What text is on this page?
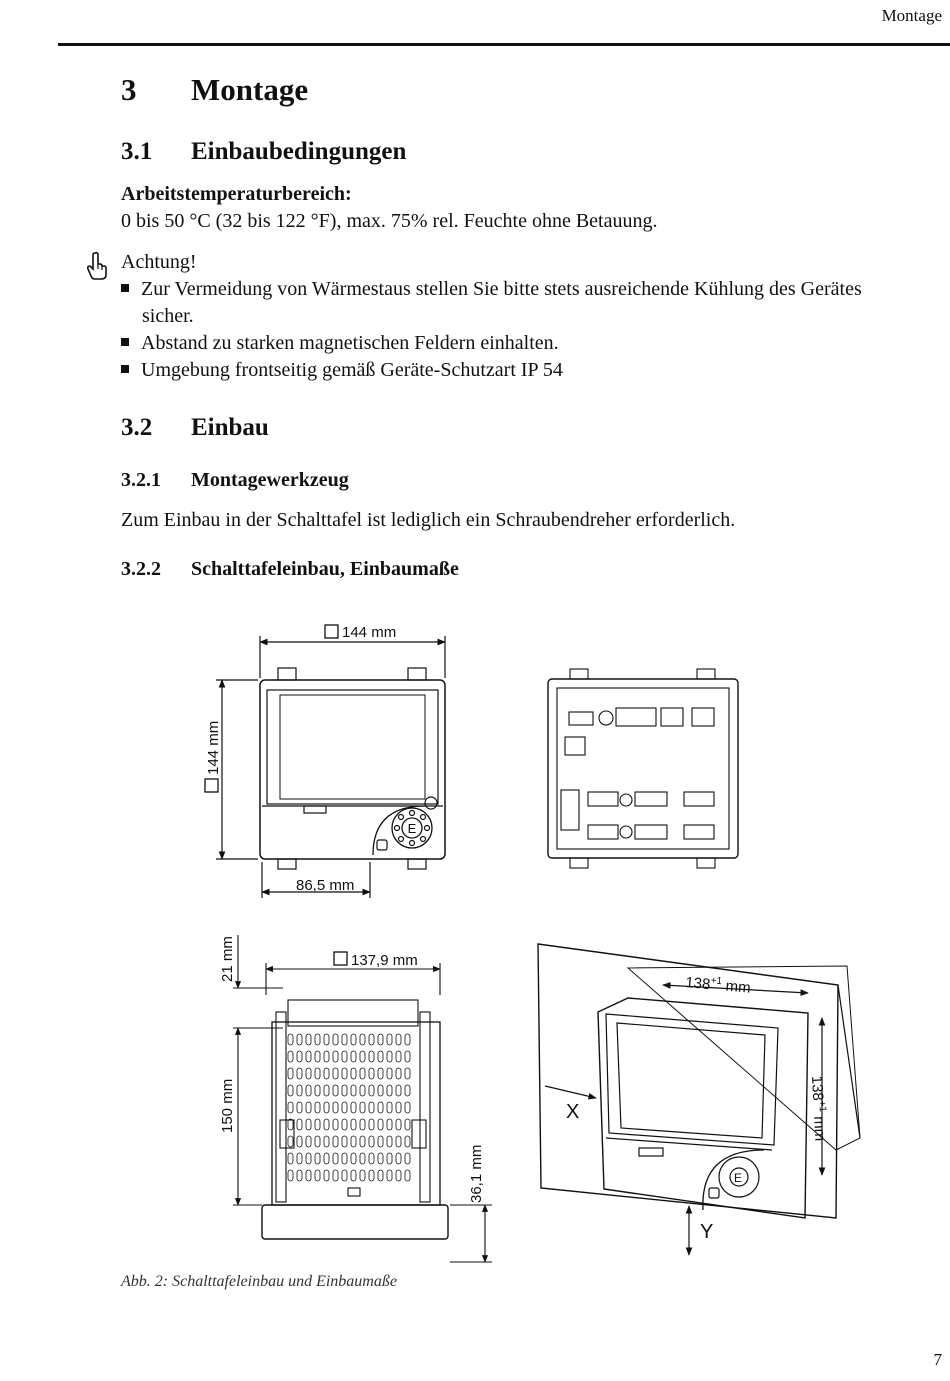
Montage
3 Montage
3.1 Einbaubedingungen
Arbeitstemperaturbereich:
0 bis 50 °C (32 bis 122 °F), max. 75% rel. Feuchte ohne Betauung.
Achtung!
Zur Vermeidung von Wärmestaus stellen Sie bitte stets ausreichende Kühlung des Gerätes
sicher.
Abstand zu starken magnetischen Feldern einhalten.
Umgebung frontseitig gemäß Geräte-Schutzart IP 54
3.2 Einbau
3.2.1 Montagewerkzeug
Zum Einbau in der Schalttafel ist lediglich ein Schraubendreher erforderlich.
3.2.2 Schalttafeleinbau, Einbaumaße
144 mm
144 mm
86,5 mm
E
137,9 mm
21 mm
150 mm
36,1 mm
$138^{+1}$ mm
$138^{+1}mm$
X
Y
E
Abb. 2: Schalttafeleinbau und Einbaumaße
7
